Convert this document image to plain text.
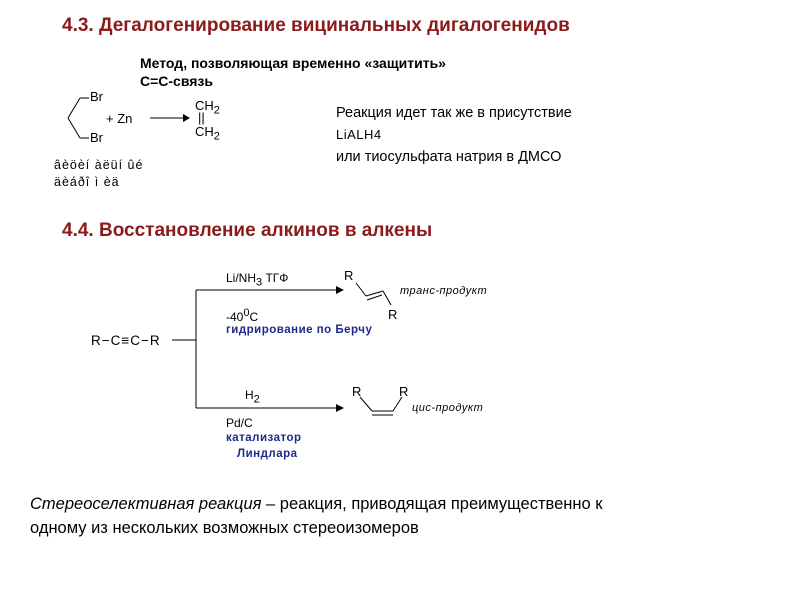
4.3. Дегалогенирование вицинальных дигалогенидов
Метод, позволяющая временно «защитить»
C=C-связь
Br
Br
+ Zn
$CH_2$
||
$CH_2$
âèöèí àëüí ûé
äèáðî ì èä
Реакция идет так же в присутствие
LiALH4
или тиосульфата натрия в ДМСО
4.4. Восстановление алкинов в алкены
R−C≡C−R
$Li/NH_3$ ТГФ
$-40^0C$
гидрирование по Берчу
R
R
транс-продукт
$H_2$
Pd/C
катализатор
Линдлара
R	R
цис-продукт
Стереоселективная реакция – реакция, приводящая преимущественно к
одному из нескольких возможных стереоизомеров
